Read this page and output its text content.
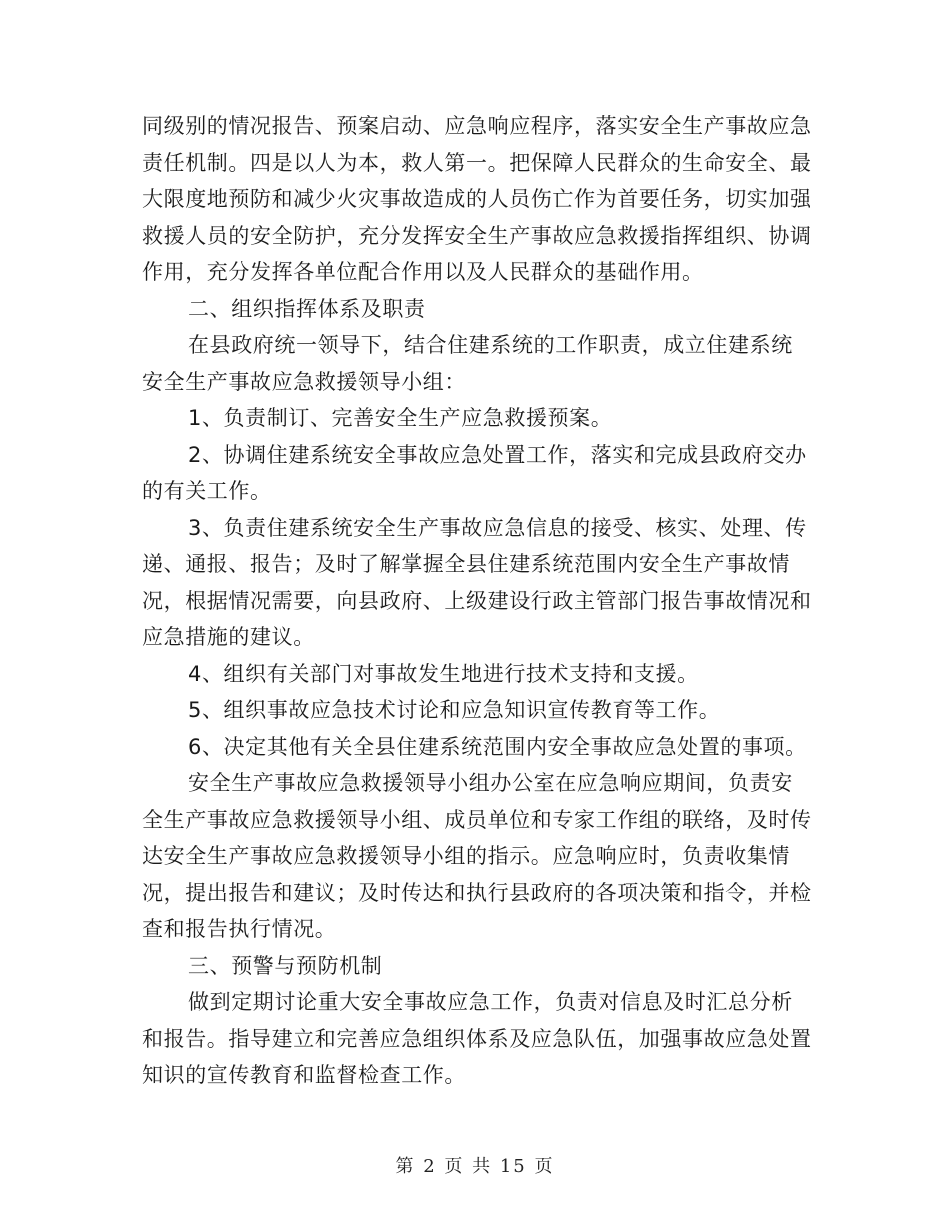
同级别的情况报告、预案启动、应急响应程序，落实安全生产事故应急责任机制。四是以人为本，救人第一。把保障人民群众的生命安全、最大限度地预防和减少火灾事故造成的人员伤亡作为首要任务，切实加强救援人员的安全防护，充分发挥安全生产事故应急救援指挥组织、协调作用，充分发挥各单位配合作用以及人民群众的基础作用。

二、组织指挥体系及职责

在县政府统一领导下，结合住建系统的工作职责，成立住建系统安全生产事故应急救援领导小组：

1、负责制订、完善安全生产应急救援预案。

2、协调住建系统安全事故应急处置工作，落实和完成县政府交办的有关工作。

3、负责住建系统安全生产事故应急信息的接受、核实、处理、传递、通报、报告；及时了解掌握全县住建系统范围内安全生产事故情况，根据情况需要，向县政府、上级建设行政主管部门报告事故情况和应急措施的建议。

4、组织有关部门对事故发生地进行技术支持和支援。

5、组织事故应急技术讨论和应急知识宣传教育等工作。

6、决定其他有关全县住建系统范围内安全事故应急处置的事项。

安全生产事故应急救援领导小组办公室在应急响应期间，负责安全生产事故应急救援领导小组、成员单位和专家工作组的联络，及时传达安全生产事故应急救援领导小组的指示。应急响应时，负责收集情况，提出报告和建议；及时传达和执行县政府的各项决策和指令，并检查和报告执行情况。

三、预警与预防机制

做到定期讨论重大安全事故应急工作，负责对信息及时汇总分析和报告。指导建立和完善应急组织体系及应急队伍，加强事故应急处置知识的宣传教育和监督检查工作。

第 2 页 共 15 页
